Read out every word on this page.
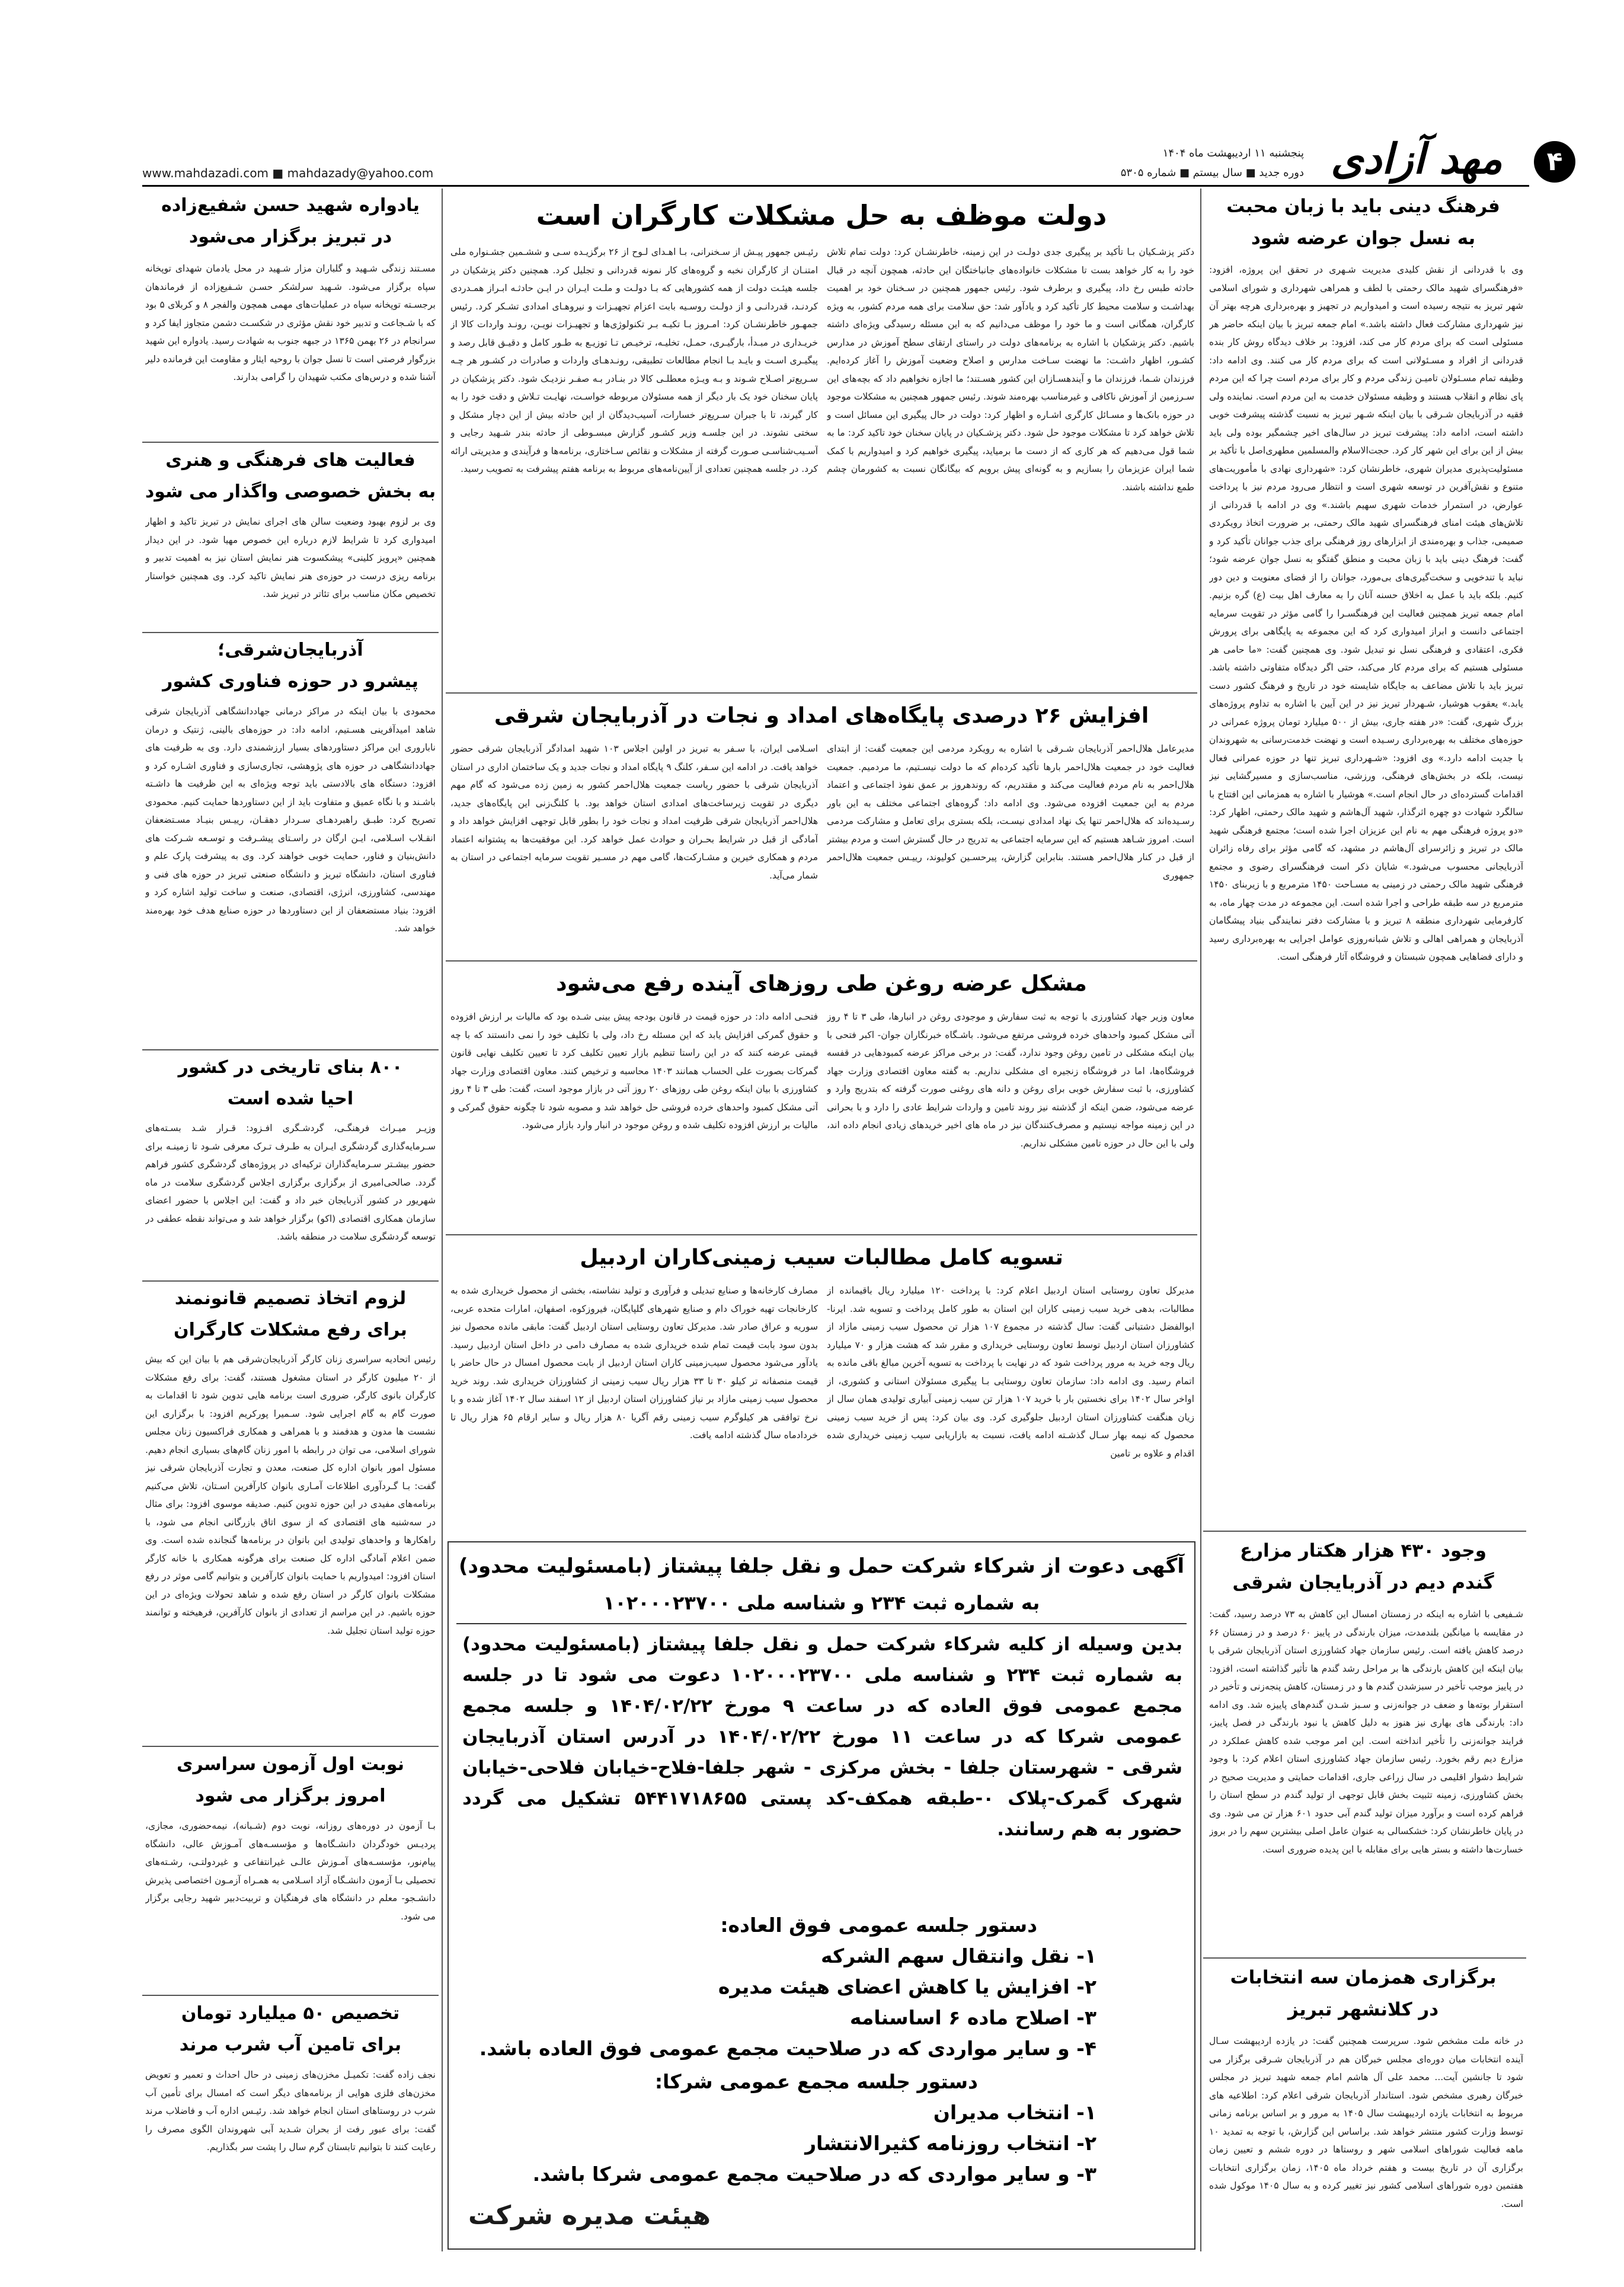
۴
مهد آزادی
پنجشنبه ۱۱ اردیبهشت ماه ۱۴۰۴
دوره جدید ■ سال بیستم ■ شماره ۵۳۰۵
www.mahdazadi.com ■ mahdazady@yahoo.com
فرهنگ دینی باید با زبان محبت
به نسل جوان عرضه شود
وی با قدردانی از نقش کلیدی مدیریت شـهری در تحقق این پروژه، افزود: «فرهنگسرای شهید مالک رحمتی با لطف و همراهی شهرداری و شورای اسلامی شهر تبریز به نتیجه رسیده است و امیدواریم در تجهیز و بهره‌برداری هرچه بهتر آن نیز شهرداری مشارکت فعال داشته باشد.» امام جمعه تبریز با بیان اینکه حاضر هر مسئولی است که برای مردم کار می کند، افزود: بر خلاف دیدگاه روش کار بنده قدردانی از افراد و مسـئولانی است که برای مردم کار می کنند. وی ادامه داد: وظیفه تمام مسـئولان تامیـن زندگی مردم و کار برای مردم است چرا که این مردم پای نظام و انقلاب هستند و وظیفه مسئولان خدمت به این مردم است. نماینده ولی فقیه در آذربایجان شـرقی با بیان اینکه شـهر تبریز به نسبت گذشته پیشرفت خوبی داشته است، ادامه داد: پیشرفت تبریز در سال‌های اخیر چشمگیر بوده ولی باید بیش از این برای این شهر کار کرد. حجت‌الاسلام والمسلمین مطهری‌اصل با تأکید بر مسئولیت‌پذیری مدیران شهری، خاطرنشان کرد: «شهرداری نهادی با مأموریت‌های متنوع و نقش‌آفرین در توسعه شهری است و انتظار می‌رود مردم نیز با پرداخت عوارض، در استمرار خدمات شهری سهیم باشند.» وی در ادامه با قدردانی از تلاش‌های هیئت امنای فرهنگسرای شهید مالک رحمتی، بر ضرورت اتخاذ رویکردی صمیمی، جذاب و بهره‌مندی از ابزارهای روز فرهنگی برای جذب جوانان تأکید کرد و گفت: فرهنگ دینی باید با زبان محبت و منطق گفتگو به نسل جوان عرضه شود؛ نباید با تندخویی و سخت‌گیری‌های بی‌مورد، جوانان را از فضای معنویت و دین دور کنیم. بلکه باید با عمل به اخلاق حسنه آنان را به معارف اهل بیت (ع) گره بزنیم. امام جمعه تبریز همچنین فعالیت این فرهنگسـرا را گامی مؤثر در تقویت سرمایه اجتماعی دانست و ابراز امیدواری کرد که این مجموعه به پایگاهی برای پرورش فکری، اعتقادی و فرهنگی نسل نو تبدیل شود. وی همچنین گفت: «ما حامی هر مسئولی هستیم که برای مردم کار می‌کند، حتی اگر دیدگاه متفاوتی داشته باشد. تبریز باید با تلاش مضاعف به جایگاه شایسته خود در تاریخ و فرهنگ کشور دست یابد.» یعقوب هوشیار، شـهردار تبریز نیز در این آیین با اشاره به تداوم پروژه‌های بزرگ شهری، گفت: «در هفته جاری، بیش از ۵۰۰ میلیارد تومان پروژه عمرانی در حوزه‌های مختلف به بهره‌برداری رسـیده است و نهضت خدمت‌رسانی به شهروندان با جدیت ادامه دارد.» وی افزود: «شـهرداری تبریز تنها در حوزه عمرانی فعال نیست، بلکه در بخش‌های فرهنگی، ورزشی، مناسب‌سازی و مسیرگشایی نیز اقدامات گسترده‌ای در حال انجام است.» هوشیار با اشاره به همزمانی این افتتاح با سالگرد شهادت دو چهره اثرگذار، شهید آل‌هاشم و شهید مالک رحمتی، اظهار کرد: «دو پروژه فرهنگی مهم به نام این عزیزان اجرا شده است؛ مجتمع فرهنگی شهید مالک در تبریز و زائرسرای آل‌هاشم در مشهد، که گامی مؤثر برای رفاه زائران آذربایجانی محسوب می‌شود.» شایان ذکر است فرهنگسرای رضوی و مجتمع فرهنگی شهید مالک رحمتی در زمینی به مسـاحت ۱۴۵۰ مترمربع و با زیربنای ۱۴۵۰ مترمربع در سه طبقه طراحی و اجرا شده است. این مجموعه در مدت چهار ماه، به کارفرمایی شهرداری منطقه ۸ تبریز و با مشارکت دفتر نمایندگی بنیاد پیشگامان آذربایجان و همراهی اهالی و تلاش شبانه‌روزی عوامل اجرایی به بهره‌برداری رسید و دارای فضاهایی همچون شبستان و فروشگاه آثار فرهنگی است.
وجود ۴۳۰ هزار هکتار مزارع
گندم دیم در آذربایجان شرقی
شـفیعی با اشاره به اینکه در زمستان امسال این کاهش به ۷۳ درصد رسید، گفت: در مقایسه با میانگین بلندمدت، میزان بارندگی در پاییز ۶۰ درصد و در زمستان ۶۶ درصد کاهش یافته است. رئیس سازمان جهاد کشاورزی استان آذربایجان شرقی با بیان اینکه این کاهش بارندگی ها بر مراحل رشد گندم ها تأثیر گذاشته است، افزود: در پاییز موجب تأخیر در سبزشدن گندم ها و در زمستان، کاهش پنجه‌زنی و تأخیر در استقرار بوته‌ها و ضعف در جوانه‌زنی و سـبز شـدن گندم‌های پاییزه شد. وی ادامه داد: بارندگی های بهاری نیز هنوز به دلیل کاهش یا نبود بارندگی در فصل پاییز، فرایند جوانه‌زنی را تأخیر انداخته است. این امر موجب شده کاهش عملکرد در مزارع دیم رقم بخورد. رئیس سازمان جهاد کشاورزی استان اعلام کرد: با وجود شرایط دشوار اقلیمی در سال زراعی جاری، اقدامات حمایتی و مدیریت صحیح در بخش کشاورزی، زمینه تثبیت بخش قابل توجهی از تولید گندم در سطح استان را فراهم کرده است و برآورد میزان تولید گندم آبی حدود ۶۰۱ هزار تن می شود. وی در پایان خاطرنشان کرد: خشکسالی به عنوان عامل اصلی بیشترین سهم را در بروز خسارت‌ها داشته و بستر هایی برای مقابله با این پدیده ضروری است.
برگزاری همزمان سه انتخابات
در کلانشهر تبریز
در خانه ملت مشخص شود. سرپرست همچنین گفت: در یازده اردیبهشت سـال آینده انتخابات میان دوره‌ای مجلس خبرگان هم در آذربایجان شـرقی برگزار می شود تا جانشین آیت... محمد علی آل هاشم امام جمعه شهید تبریز در مجلس خبرگان رهبری مشخص شود. استاندار آذربایجان شرقی اعلام کرد: اطلاعیه های مربوط به انتخابات یازده اردیبهشت سال ۱۴۰۵ به مرور و بر اساس برنامه زمانی توسط وزارت کشور منتشر خواهد شد. براساس این گزارش، با توجه به تمدید ۱۰ ماهه فعالیت شوراهای اسلامی شهر و روستاها در دوره ششم و تعیین زمان برگزاری آن در تاریخ بیست و هفتم خرداد ماه ۱۴۰۵، زمان برگزاری انتخابات هفتمین دوره شوراهای اسلامی کشور نیز تغییر کرده و به سال ۱۴۰۵ موکول شده است.
دولت موظف به حل مشکلات کارگران است
دکتر پزشـکیان بـا تأکید بر پیگیری جدی دولـت در این زمینه، خاطرنشـان کرد: دولت تمام تلاش خود را به کار خواهد بست تا مشکلات خانواده‌های جانباختگان این حادثه، همچون آنچه در قبال حادثه طبس رخ داد، پیگیری و برطرف شود. رئیس جمهور همچنین در سـخنان خود بر اهمیت بهداشـت و سلامت محیط کار تأکید کرد و یادآور شد: حق سلامت برای همه مردم کشور، به ویژه کارگران، همگانی است و ما خود را موظف می‌دانیم که به این مسئله رسیدگی ویژه‌ای داشته باشیم. دکتر پزشکیان با اشاره به برنامه‌های دولت در راستای ارتقای سطح آموزش در مدارس کشـور، اظهار داشـت: ما نهضت سـاخت مدارس و اصلاح وضعیت آموزش را آغاز کرده‌ایم. فرزندان شـما، فرزندان ما و آیندهسـازان این کشور هسـتند؛ ما اجازه نخواهیم داد که بچه‌های این سـرزمین از آموزش ناکافی و غیرمناسب بهره‌مند شوند. رئیس جمهور همچنین به مشکلات موجود در حوزه بانک‌ها و مسـائل کارگری اشـاره و اظهار کرد: دولت در حال پیگیری این مسائل است و تلاش خواهد کرد تا مشکلات موجود حل شود. دکتر پزشـکیان در پایان سخنان خود تاکید کرد: ما به شما قول می‌دهیم که هر کاری که از دست ما برمیاید، پیگیری خواهیم کرد و امیدواریم با کمک شما ایران عزیزمان را بسازیم و به گونه‌ای پیش برویم که بیگانگان نسبت به کشورمان چشم طمع نداشته باشند.
رئیـس جمهور پیـش از سـخنرانی، بـا اهـدای لـوح از ۲۶ برگزیـده سـی و ششـمین جشـنواره ملی امتنـان از کارگران نخبه و گروه‌های کار نمونه قدردانی و تجلیل کرد. همچنین دکتر پزشکیان در جلسه هیئـت دولت از همه کشورهایی که بـا دولـت و ملـت ایـران در ایـن حادثـه ابـراز همـدردی کردنـد، قدردانـی و از دولـت روسـیه بابت اعزام تجهیـزات و نیروهـای امدادی تشـکر کرد. رئیس جمهـور خاطرنشـان کرد: امـروز بـا تکیـه بـر تکنولوژی‌ها و تجهیـزات نویـن، رونـد واردات کالا از خریـداری در مبـدأ، بارگیـری، حمـل، تخلیـه، ترخیـص تـا توزیـع به طـور کامل و دقیـق قابل رصد و پیگیـری اسـت و بایـد بـا انجام مطالعات تطبیقی، رونـدهـای واردات و صادرات در کشـور هر چـه سـریع‌تر اصـلاح شـوند و بـه ویـژه معطلـی کالا در بنـادر بـه صفـر نزدیـک شود. دکتر پزشکیان در پایان سخنان خود یک بار دیگر از همه مسئولان مربوطه خواسـت، نهایـت تـلاش و دقت خود را به کار گیرند، تا با جبران سـریع‌تر خسارات، آسیب‌دیدگان از این حادثه بیش از این دچار مشکل و سختی نشوند. در این جلسـه وزیر کشـور گزارش مبسـوطی از حادثه بندر شـهید رجایی و آسـیب‌شناسـی صـورت گرفته از مشکلات و نقائص سـاختاری، برنامه‌ها و فرآیندی و مدیریتی ارائه کرد. در جلسه همچنین تعدادی از آیین‌نامه‌های مربوط به برنامه هفتم پیشرفت به تصویب رسید.
افزایش ۲۶ درصدی پایگاه‌های امداد و نجات در آذربایجان شرقی
مدیرعامل هلال‌احمر آذربایجان شـرقی با اشاره به رویکرد مردمی این جمعیت گفت: از ابتدای فعالیت خود در جمعیت هلال‌احمر بارها تأکید کرده‌ام که ما دولت نیسـتیم، ما مردمیم. جمعیت هلال‌احمر به نام مردم فعالیت می‌کند و مقتدریم، که روندهروز بر عمق نفوذ اجتماعی و اعتماد مردم به این جمعیت افزوده می‌شود. وی ادامه داد: گروه‌های اجتماعی مختلف به این باور رسـیده‌اند که هلال‌احمر تنها یک نهاد امدادی نیسـت، بلکه بستری برای تعامل و مشارکت مردمی است. امروز شـاهد هستیم که این سرمایه اجتماعی به تدریج در حال گسترش است و مردم بیشتر از قبل در کنار هلال‌احمر هستند. بنابراین گزارش، پیرحسـین کولیوند، رییـس جمعیت هلال‌احمر جمهوری
اسـلامی ایران، با سـفر به تبریز در اولین اجلاس ۱۰۳ شهید امدادگر آذربایجان شرقی حضور خواهد یافت. در ادامه این سـفر، کلنگ ۹ پایگاه امداد و نجات جدید و یک ساختمان اداری در استان آذربایجان شرقی با حضور ریاست جمعیت هلال‌احمر کشور به زمین زده می‌شود که گام مهم دیگری در تقویت زیرساخت‌های امدادی استان خواهد بود. با کلنگ‌زنی این پایگاه‌های جدید، هلال‌احمر آذربایجان شرقی ظرفیت امداد و نجات خود را بطور قابل توجهی افزایش خواهد داد و آمادگی از قبل در شرایط بحـران و حوادث عمل خواهد کرد. این موفقیت‌ها به پشتوانه اعتماد مردم و همکاری خیرین و مشـارکت‌ها، گامی مهم در مسـیر تقویت سرمایه اجتماعی در استان به شمار می‌آید.
مشکل عرضه روغن طی روزهای آینده رفع می‌شود
معاون وزیر جهاد کشاورزی با توجه به ثبت سفارش و موجودی روغن در انبارها، طی ۳ تا ۴ روز آتی مشکل کمبود واحدهای خرده فروشی مرتفع می‌شود. باشـگاه خبرنگاران جوان- اکبر فتحی با بیان اینکه مشکلی در تامین روغن وجود ندارد، گفت: در برخی مراکز عرضه کمبودهایی در قفسه فروشگاه‌ها، اما در فروشگاه زنجیره ای مشکلی نداریم. به گفته معاون اقتصادی وزارت جهاد کشاورزی، با ثبت سفارش خوبی برای روغن و دانه های روغنی صورت گرفته که بتدریج وارد و عرضه می‌شود، ضمن اینکه از گذشته نیز روند تامین و واردات شرایط عادی را دارد و با بحرانی در این زمینه مواجه نیستیم و مصرف‌کنندگان نیز در ماه های اخیر خریدهای زیادی انجام داده اند، ولی با این حال در حوزه تامین مشکلی نداریم.
فتحـی ادامه داد: در حوزه قیمت در قانون بودجه پیش بینی شـده بود که مالیات بر ارزش افزوده و حقوق گمرکی افزایش یابد که این مسئله رخ داد، ولی با تکلیف خود را نمی دانستند که با چه قیمتی عرضه کنند که در این راستا تنظیم بازار تعیین تکلیف کرد تا تعیین تکلیف نهایی قانون گمرکات بصورت علی الحساب همانند ۱۴۰۳ محاسبه و ترخیص کنند. معاون اقتصادی وزارت جهاد کشاورزی با بیان اینکه روغن طی روزهای ۲۰ روز آتی در بازار موجود است، گفت: طی ۳ تا ۴ روز آتی مشکل کمبود واحدهای خرده فروشی حل خواهد شد و مصوبه شود تا چگونه حقوق گمرکی و مالیات بر ارزش افزوده تکلیف شده و روغن موجود در انبار وارد بازار می‌شود.
تسویه کامل مطالبات سیب زمینی‌کاران اردبیل
مدیرکل تعاون روستایی استان اردبیل اعلام کرد: با پرداخت ۱۲۰ میلیارد ریال باقیمانده از مطالبات، بدهی خرید سیب زمینی کاران این استان به طور کامل پرداخت و تسویه شد. ایرنا- ابوالفضل دشتبانی گفت: سال گذشته در مجموع ۱۰۷ هزار تن محصول سیب زمینی مازاد از کشاورزان استان اردبیل توسط تعاون روستایی خریداری و مقرر شد که هشت هزار و ۷۰ میلیارد ریال وجه خرید به مرور پرداخت شود که در نهایت با پرداخت به تسویه آخرین مبالغ باقی مانده به اتمام رسید. وی ادامه داد: سازمان تعاون روستایی بـا پیگیری مسئولان استانی و کشوری، از اواخر سال ۱۴۰۲ برای نخستین بار با خرید ۱۰۷ هزار تن سیب زمینی آبیاری تولیدی همان سال از زیان هنگفت کشاورزان استان اردبیل جلوگیری کرد. وی بیان کرد: پس از خرید سیب زمینی محصول که نیمه بهار سـال گذشـته ادامه یافت، نسبت به بازاریابی سیب زمینی خریداری شده اقدام و علاوه بر تامین
مصارف کارخانه‌ها و صنایع تبدیلی و فرآوری و تولید نشاسته، بخشی از محصول خریداری شده به کارخانجات تهیه خوراک دام و صنایع شهرهای گلپایگان، فیروزکوه، اصفهان، امارات متحده عربی، سوریه و عراق صادر شد. مدیرکل تعاون روستایی استان اردبیل گفت: مابقی مانده محصول نیز بدون سود بابت قیمت تمام شده خریداری شده به مصارف دامی در داخل استان اردبیل رسید. یادآور می‌شود محصول سیب‌زمینی کاران استان اردبیل از بابت محصول امسال در حال حاضر با قیمت منصفانه تر کیلو ۳۰ تا ۳۳ هزار ریال سیب زمینی از کشاورزان خریداری شد. روند خرید محصول سیب زمینی مازاد بر نیاز کشاورزان استان اردبیل از ۱۲ اسفند سال ۱۴۰۲ آغاز شده و با نرخ توافقی هر کیلوگرم سیب زمینی رقم آگریا ۸۰ هزار ریال و سایر ارقام ۶۵ هزار ریال تا خردادماه سال گذشته ادامه یافت.
آگهی دعوت از شرکاء شرکت حمل و نقل جلفا پیشتاز (بامسئولیت محدود)
به شماره ثبت ۲۳۴ و شناسه ملی ۱۰۲۰۰۰۲۳۷۰۰
بدین وسیله از کلیه شرکاء شرکت حمل و نقل جلفا پیشتاز (بامسئولیت محدود) به شماره ثبت ۲۳۴ و شناسه ملی ۱۰۲۰۰۰۲۳۷۰۰ دعوت می شود تا در جلسه مجمع عمومی فوق العاده که در ساعت ۹ مورخ ۱۴۰۴/۰۲/۲۲ و جلسه مجمع عمومی شرکا که در ساعت ۱۱ مورخ ۱۴۰۴/۰۲/۲۲ در آدرس استان آذربایجان شرقی - شهرستان جلفا - بخش مرکزی - شهر جلفا-فلاح-خیابان فلاحی-خیابان شهرک گمرک-پلاک ۰-طبقه همکف-کد پستی ۵۴۴۱۷۱۸۶۵۵ تشکیل می گردد حضور به هم رسانند.
دستور جلسه عمومی فوق العاده:
۱- نقل وانتقال سهم الشرکه
۲- افزایش یا کاهش اعضای هیئت مدیره
۳- اصلاح ماده ۶ اساسنامه
۴- و سایر مواردی که در صلاحیت مجمع عمومی فوق العاده باشد.
دستور جلسه مجمع عمومی شرکا:
۱- انتخاب مدیران
۲- انتخاب روزنامه کثیرالانتشار
۳- و سایر مواردی که در صلاحیت مجمع عمومی شرکا باشد.
هیئت مدیره شرکت
یادواره شهید حسن شفیع‌زاده
در تبریز برگزار می‌شود
مسـتند زندگی شـهید و گلباران مزار شـهید در محل یادمان شهدای توپخانه سپاه برگزار می‌شود. شـهید سرلشکر حسـن شـفیع‌زاده از فرماندهان برجسـته توپخانه سپاه در عملیات‌های مهمی همچون والفجر ۸ و کربلای ۵ بود که با شـجاعت و تدبیر خود نقش مؤثری در شکسـت دشمن متجاوز ایفا کرد و سرانجام در ۲۶ بهمن ۱۳۶۵ در جبهه جنوب به شهادت رسید. یادواره این شهید بزرگوار فرصتی است تا نسل جوان با روحیه ایثار و مقاومت این فرمانده دلیر آشنا شده و درس‌های مکتب شهیدان را گرامی بدارند.
فعالیت های فرهنگی و هنری
به بخش خصوصی واگذار می شود
وی بر لزوم بهبود وضعیت سالن های اجرای نمایش در تبریز تاکید و اظهار امیدواری کرد تا شرایط لازم درباره این خصوص مهیا شود. در این دیدار همچنین «پرویز کلینی» پیشکسوت هنر نمایش استان نیز به اهمیت تدبیر و برنامه ریزی درست در حوزه‌ی هنر نمایش تاکید کرد. وی همچنین خواستار تخصیص مکان مناسب برای تئاتر در تبریز شد.
آذربایجان‌شرقی؛
پیشرو در حوزه فناوری کشور
محمودی با بیان اینکه در مراکز درمانی جهاددانشگاهی آذربایجان شرقی شاهد امیدآفرینی هسـتیم، ادامه داد: در حوزه‌های بالینی، ژنتیک و درمان ناباروری این مراکز دستاوردهای بسیار ارزشمندی دارد. وی به ظرفیت های جهاددانشگاهی در حوزه های پژوهشی، تجاری‌سازی و فناوری اشـاره کرد و افزود: دستگاه های بالادستی باید توجه ویژه‌ای به این ظرفیت ها داشـته باشـند و با نگاه عمیق و متفاوت باید از این دستاوردها حمایت کنیم. محمودی تصریح کرد: طبـق راهبردهـای سـردار دهقـان، رییـس بنیـاد مسـتضعفان انقـلاب اسـلامی، ایـن ارگان در راسـتای پیشـرفت و توسـعه شـرکت های دانش‌بنیان و فناور، حمایت خوبی خواهند کرد. وی به پیشرفت پارک علم و فناوری استان، دانشگاه تبریز و دانشگاه صنعتی تبریز در حوزه های فنی و مهندسی، کشاورزی، انرژی، اقتصادی، صنعت و ساخت تولید اشاره کرد و افزود: بنیاد مستضعفان از این دستاوردها در حوزه صنایع هدف خود بهره‌مند خواهد شد.
۸۰۰ بنای تاریخی در کشور
احیا شده است
وزیـر میـراث فرهنگـی، گردشـگری افـزود: قـرار شـد بسـته‌های سـرمایه‌گذاری گردشگری ایـران به طـرف تـرک معرفی شـود تا زمینـه برای حضور بیشـتر سـرمایه‌گذاران ترکیه‌ای در پروژه‌های گردشگری کشور فراهم گردد. صالحی‌امیری از برگزاری برگزاری اجلاس گردشگری سلامت در ماه شهریور در کشور آذربایجان خبر داد و گفت: این اجلاس با حضور اعضای سازمان همکاری اقتصادی (اکو) برگزار خواهد شد و می‌تواند نقطه عطفی در توسعه گردشگری سلامت در منطقه باشد.
لزوم اتخاذ تصمیم قانونمند
برای رفع مشکلات کارگران
رئیس اتحادیه سراسری زنان کارگر آذربایجان‌شرقی هم با بیان این که بیش از ۲۰ میلیون کارگر در استان مشغول هستند، گفت: برای رفع مشکلات کارگران بانوی کارگر، ضروری است برنامه هایی تدوین شود تا اقدامات به صورت گام به گام اجرایی شود. سـمیرا پورکریم افزود: با برگزاری این نشست ها مدون و هدفمند و با همراهی و همکاری فراکسیون زنان مجلس شورای اسلامی، می توان در رابطه با امور زنان گام‌های بسیاری انجام دهیم. مسئول امور بانوان اداره کل صنعت، معدن و تجارت آذربایجان شرقی نیز گفت: بـا گـردآوری اطلاعات آمـاری بانوان کارآفرین اسـتان، تلاش می‌کنیم برنامه‌های مفیدی در این حوزه تدوین کنیم. صدیقه موسوی افزود: برای مثال در سه‌شنبه های اقتصادی که از سوی اتاق بازرگانی انجام می شود، با راهکارها و واحدهای تولیدی این بانوان در برنامه‌ها گنجانده شده است. وی ضمن اعلام آمادگی اداره کل صنعت برای هرگونه همکاری با خانه کارگر استان افزود: امیدواریم با حمایت بانوان کارآفرین و بتوانیم گامی موثر در رفع مشکلات بانوان کارگر در استان رفع شده و شاهد تحولات ویژه‌ای در این حوزه باشیم. در این مراسم از تعدادی از بانوان کارآفرین، فرهیخته و توانمند حوزه تولید استان تجلیل شد.
نوبت اول آزمون سراسری
امروز برگزار می شود
بـا آزمون در دوره‌های روزانه، نوبت دوم (شـبانه)، نیمه‌حضوری، مجازی، پردیـس خودگردان دانشـگاه‌ها و مؤسسـه‌های آمـوزش عالی، دانشگاه پیام‌نور، مؤسسـه‌های آمـوزش عالـی غیرانتفاعی و غیردولتـی، رشـته‌های تحصیلی بـا آزمون دانشـگاه آزاد اسـلامی به همـراه آزمـون اختصاصی پذیرش دانشـجو- معلم در دانشگاه های فرهنگیان و تربیت‌دبیر شهید رجایی برگزار می شود.
تخصیص ۵۰ میلیارد تومان
برای تامین آب شرب مرند
نجف زاده گفت: تکمیـل مخزن‌های زمینی در حال احداث و تعمیر و تعویض مخزن‌های فلزی هوایی از برنامه‌های دیگر است که امسال برای تأمین آب شرب در روستاهای استان انجام خواهد شد. رئیـس اداره آب و فاضلاب مرند گفت: برای عبور رفت از بحران شـدید آبی شهروندان الگوی مصرف را رعایت کنند تا بتوانیم تابستان گرم سال را پشت سر بگذاریم.
